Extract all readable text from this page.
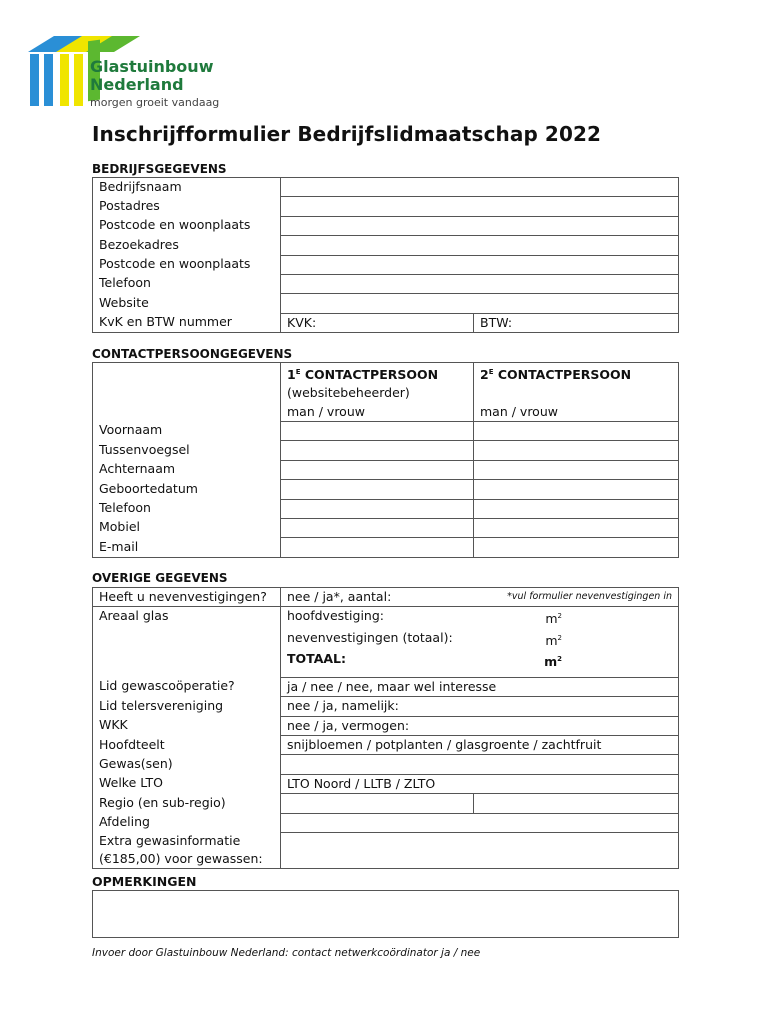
Glastuinbouw
Nederland
morgen groeit vandaag
Inschrijfformulier Bedrijfslidmaatschap 2022
BEDRIJFSGEGEVENS
Bedrijfsnaam		
Postadres		
Postcode en woonplaats		
Bezoekadres		
Postcode en woonplaats		
Telefoon		
Website		
KvK en BTW nummer	KVK:	BTW:
CONTACTPERSOONGEGEVENS
	$1^E$ CONTACTPERSOON	$2^E$ CONTACTPERSOON
	(websitebeheerder)	
	man / vrouw	man / vrouw
Voornaam		
Tussenvoegsel		
Achternaam		
Geboortedatum		
Telefoon		
Mobiel		
E-mail		
OVERIGE GEGEVENS
Heeft u nevenvestigingen?	nee / ja*, aantal: *vul formulier nevenvestigingen in	

Areaal glas	hoofdvestiging: $m^2$

	nevenvestigingen (totaal): $m^2$

	TOTAAL: $m^2$

Lid gewascoöperatie?	ja / nee / nee, maar wel interesse	
Lid telersvereniging	nee / ja, namelijk:	
WKK	nee / ja, vermogen:	
Hoofdteelt	snijbloemen / potplanten / glasgroente / zachtfruit	
Gewas(sen)		
Welke LTO	LTO Noord / LLTB / ZLTO	
Regio (en sub-regio)		
Afdeling		

Extra gewasinformatie
(€185,00) voor gewassen:		

OPMERKINGEN
Invoer door Glastuinbouw Nederland: contact netwerkcoördinator ja / nee
